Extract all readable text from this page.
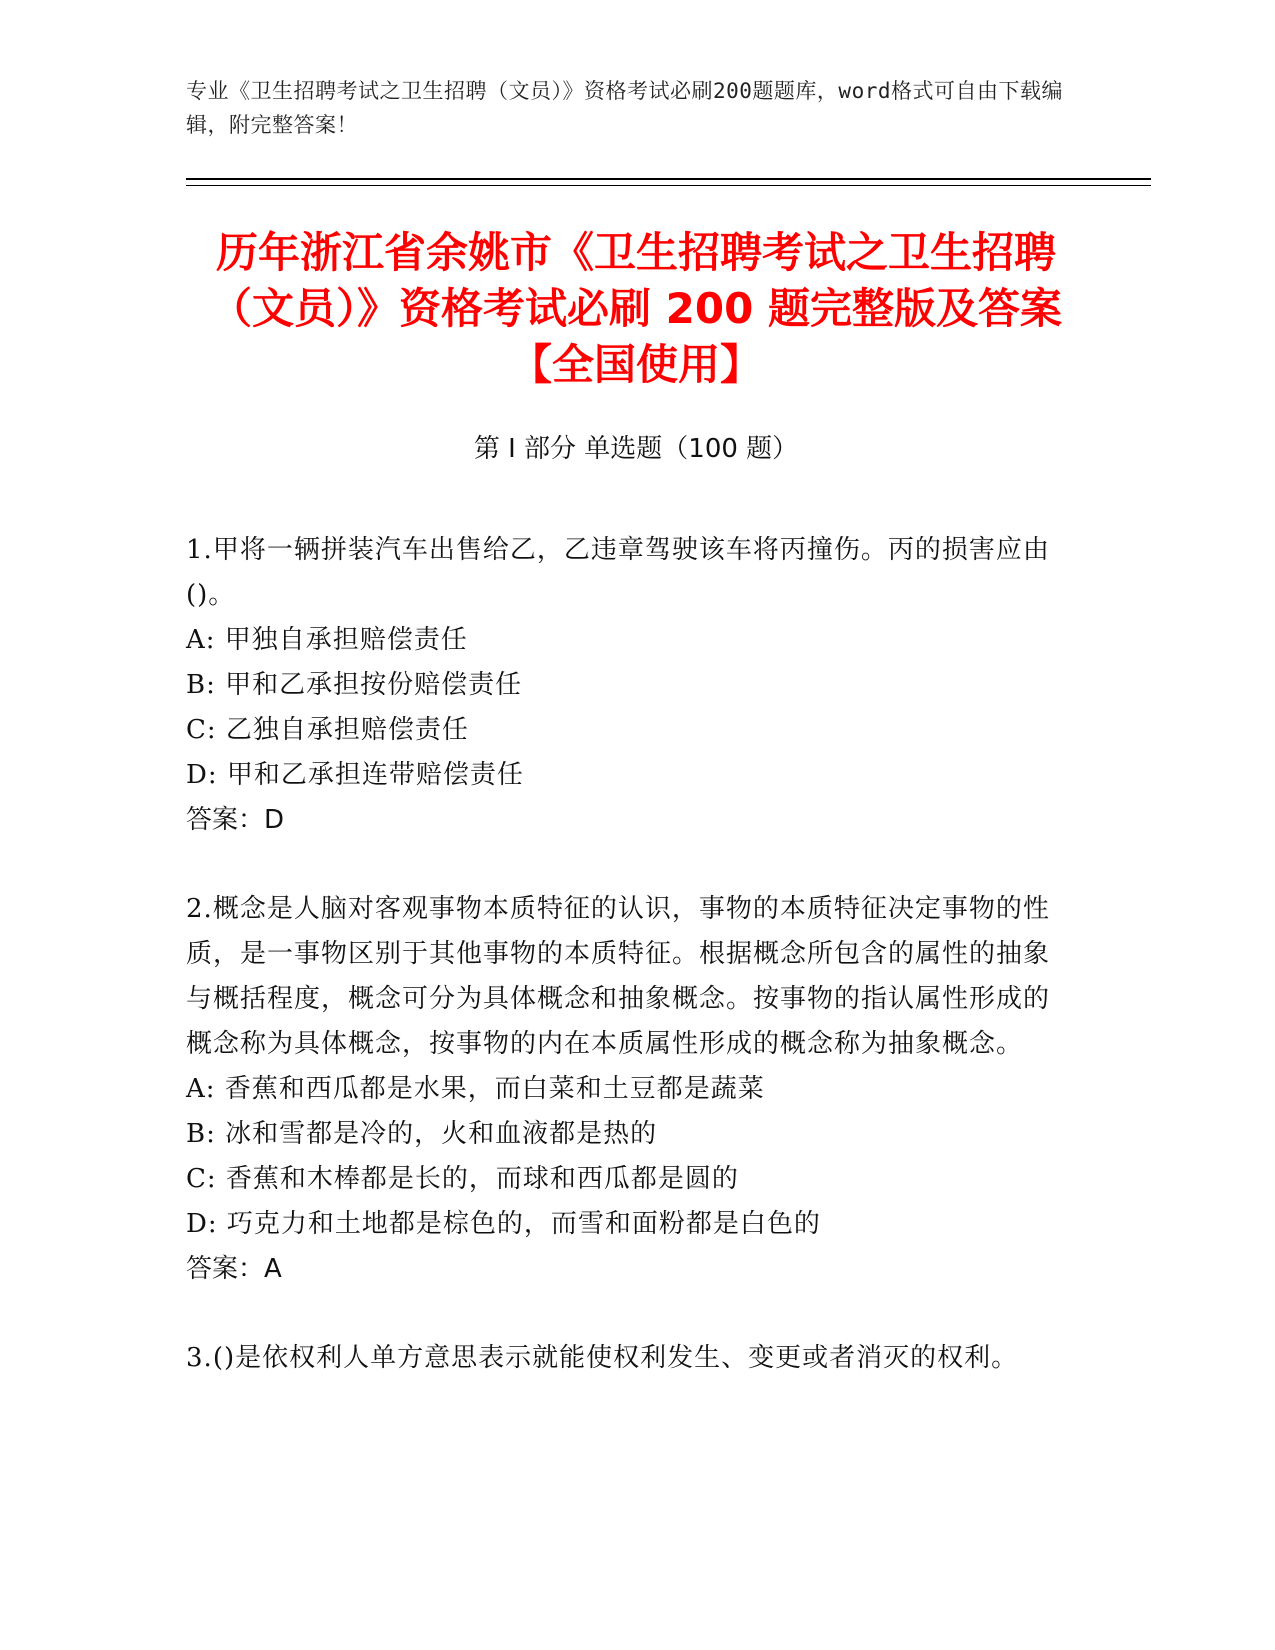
专业《卫生招聘考试之卫生招聘（文员）》资格考试必刷200题题库，word格式可自由下载编辑，附完整答案！
历年浙江省余姚市《卫生招聘考试之卫生招聘（文员）》资格考试必刷 200 题完整版及答案【全国使用】
第 I 部分 单选题（100 题）
1.甲将一辆拼装汽车出售给乙，乙违章驾驶该车将丙撞伤。丙的损害应由()。
A: 甲独自承担赔偿责任
B: 甲和乙承担按份赔偿责任
C: 乙独自承担赔偿责任
D: 甲和乙承担连带赔偿责任
答案：D
2.概念是人脑对客观事物本质特征的认识，事物的本质特征决定事物的性质，是一事物区别于其他事物的本质特征。根据概念所包含的属性的抽象与概括程度，概念可分为具体概念和抽象概念。按事物的指认属性形成的概念称为具体概念，按事物的内在本质属性形成的概念称为抽象概念。
A: 香蕉和西瓜都是水果，而白菜和土豆都是蔬菜
B: 冰和雪都是冷的，火和血液都是热的
C: 香蕉和木棒都是长的，而球和西瓜都是圆的
D: 巧克力和土地都是棕色的，而雪和面粉都是白色的
答案：A
3.()是依权利人单方意思表示就能使权利发生、变更或者消灭的权利。
